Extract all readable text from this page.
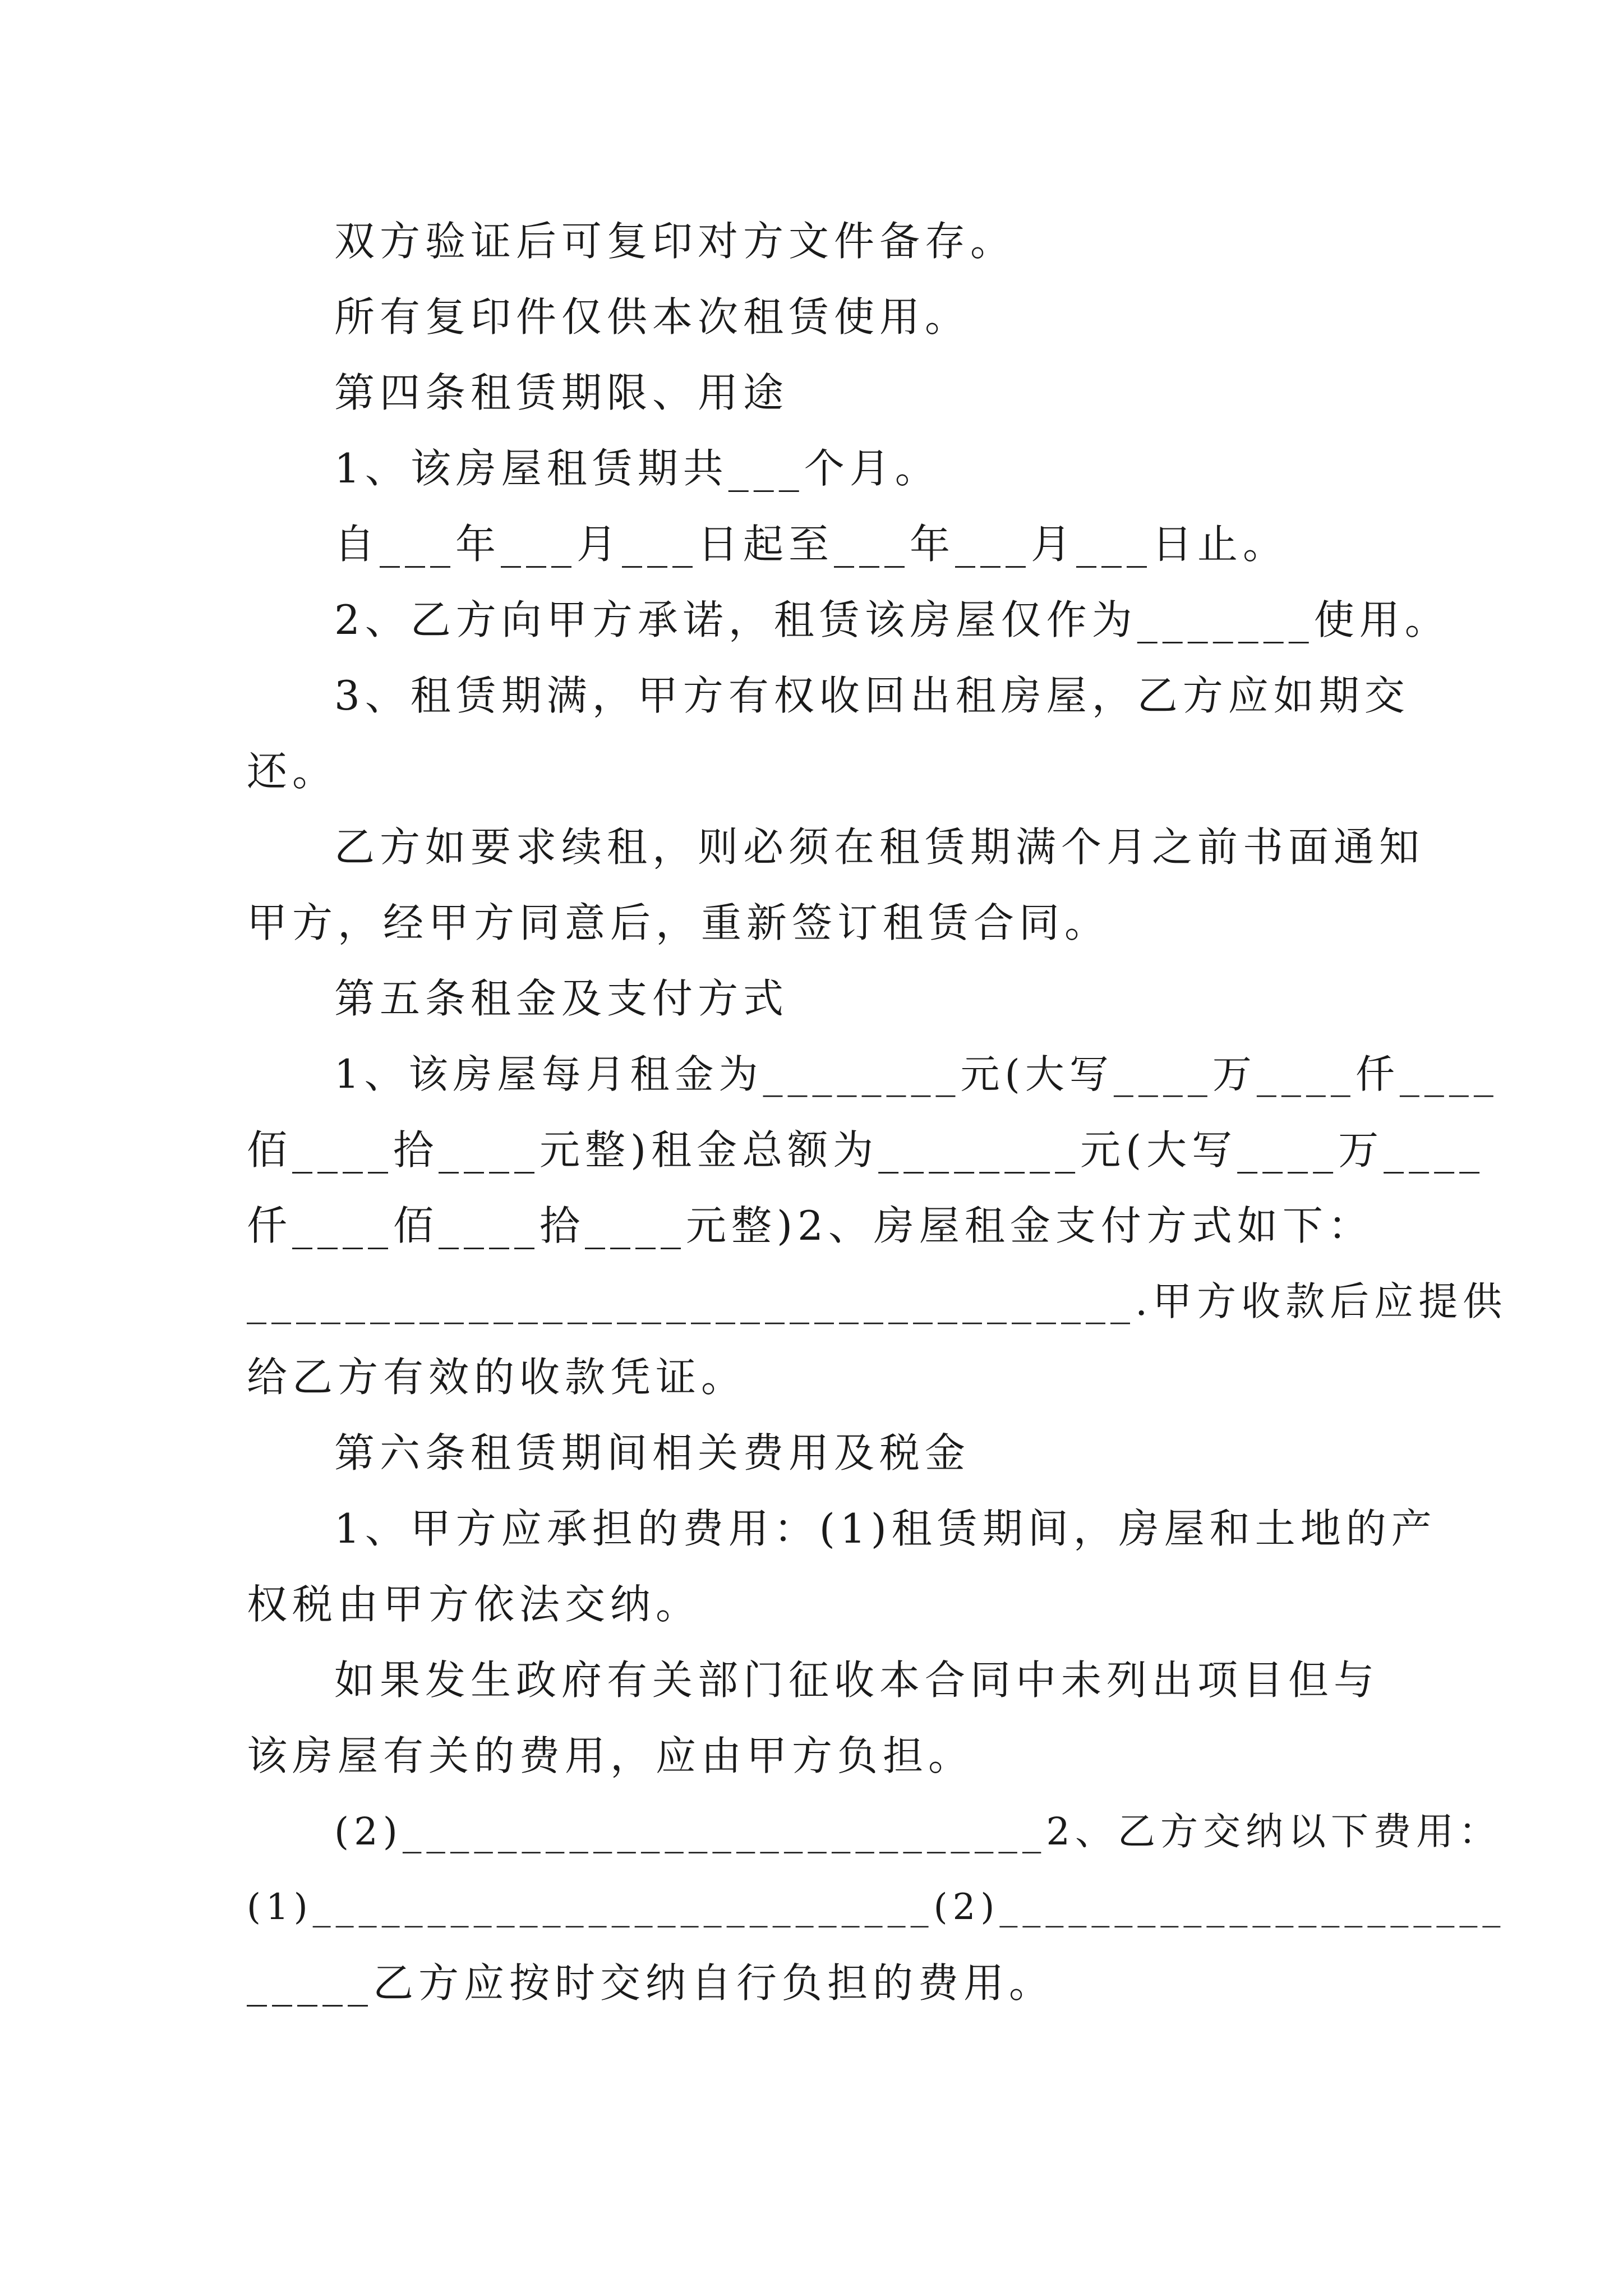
双方验证后可复印对方文件备存。
所有复印件仅供本次租赁使用。
第四条租赁期限、用途
1、该房屋租赁期共___个月。
自___年___月___日起至___年___月___日止。
2、乙方向甲方承诺，租赁该房屋仅作为_______使用。
3、租赁期满，甲方有权收回出租房屋，乙方应如期交
还。
乙方如要求续租，则必须在租赁期满个月之前书面通知
甲方，经甲方同意后，重新签订租赁合同。
第五条租金及支付方式
1、该房屋每月租金为________元(大写____万____仟____
佰____拾____元整)租金总额为________元(大写____万____
仟____佰____拾____元整)2、房屋租金支付方式如下：
____________________________________.甲方收款后应提供
给乙方有效的收款凭证。
第六条租赁期间相关费用及税金
1、甲方应承担的费用：(1)租赁期间，房屋和土地的产
权税由甲方依法交纳。
如果发生政府有关部门征收本合同中未列出项目但与
该房屋有关的费用，应由甲方负担。
(2)___________________________2、乙方交纳以下费用：
(1)___________________________(2)______________________
_____乙方应按时交纳自行负担的费用。
